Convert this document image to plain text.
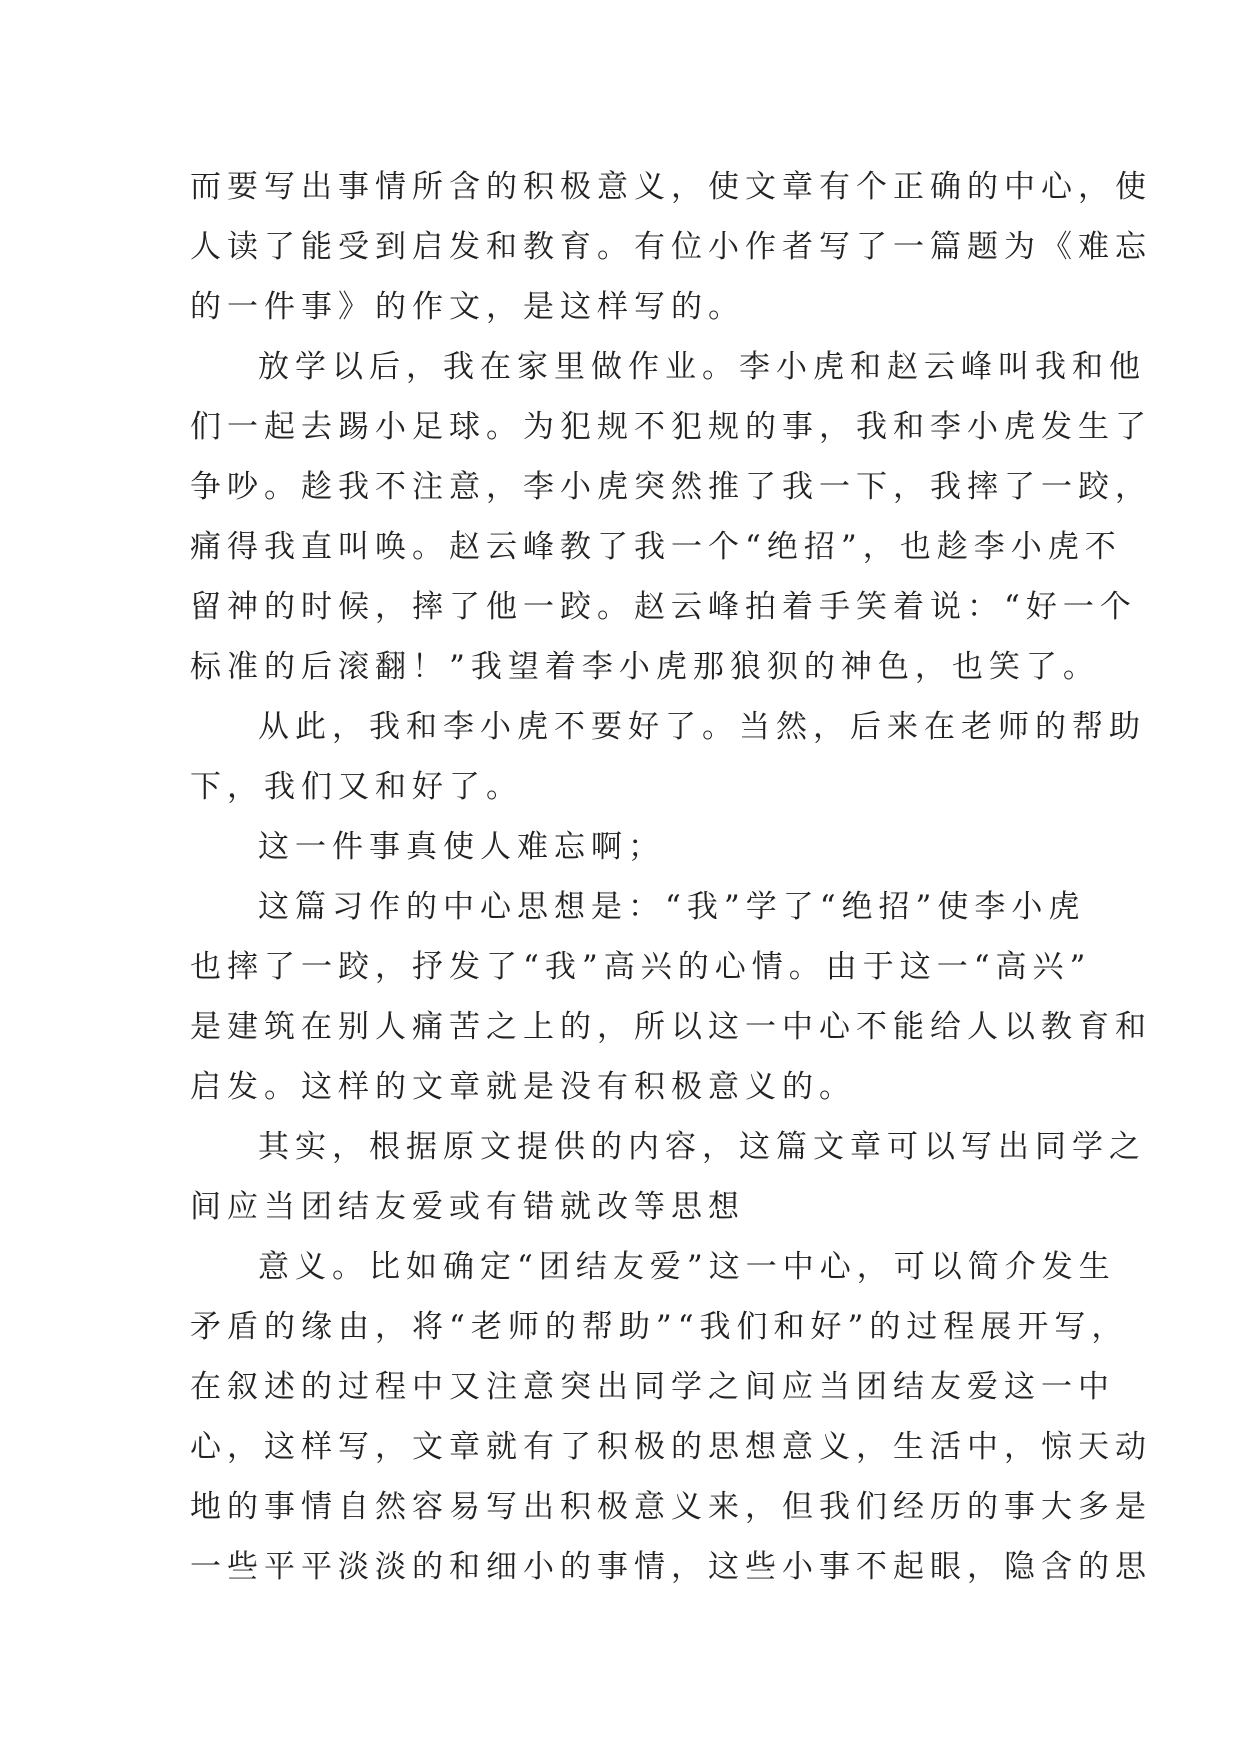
而要写出事情所含的积极意义，使文章有个正确的中心，使
人读了能受到启发和教育。有位小作者写了一篇题为《难忘
的一件事》的作文，是这样写的。
放学以后，我在家里做作业。李小虎和赵云峰叫我和他
们一起去踢小足球。为犯规不犯规的事，我和李小虎发生了
争吵。趁我不注意，李小虎突然推了我一下，我摔了一跤，
痛得我直叫唤。赵云峰教了我一个“绝招”，也趁李小虎不
留神的时候，摔了他一跤。赵云峰拍着手笑着说：“好一个
标准的后滚翻！”我望着李小虎那狼狈的神色，也笑了。
从此，我和李小虎不要好了。当然，后来在老师的帮助
下，我们又和好了。
这一件事真使人难忘啊；
这篇习作的中心思想是：“我”学了“绝招”使李小虎
也摔了一跤，抒发了“我”高兴的心情。由于这一“高兴”
是建筑在别人痛苦之上的，所以这一中心不能给人以教育和
启发。这样的文章就是没有积极意义的。
其实，根据原文提供的内容，这篇文章可以写出同学之
间应当团结友爱或有错就改等思想
意义。比如确定“团结友爱”这一中心，可以简介发生
矛盾的缘由，将“老师的帮助”“我们和好”的过程展开写，
在叙述的过程中又注意突出同学之间应当团结友爱这一中
心，这样写，文章就有了积极的思想意义，生活中，惊天动
地的事情自然容易写出积极意义来，但我们经历的事大多是
一些平平淡淡的和细小的事情，这些小事不起眼，隐含的思
